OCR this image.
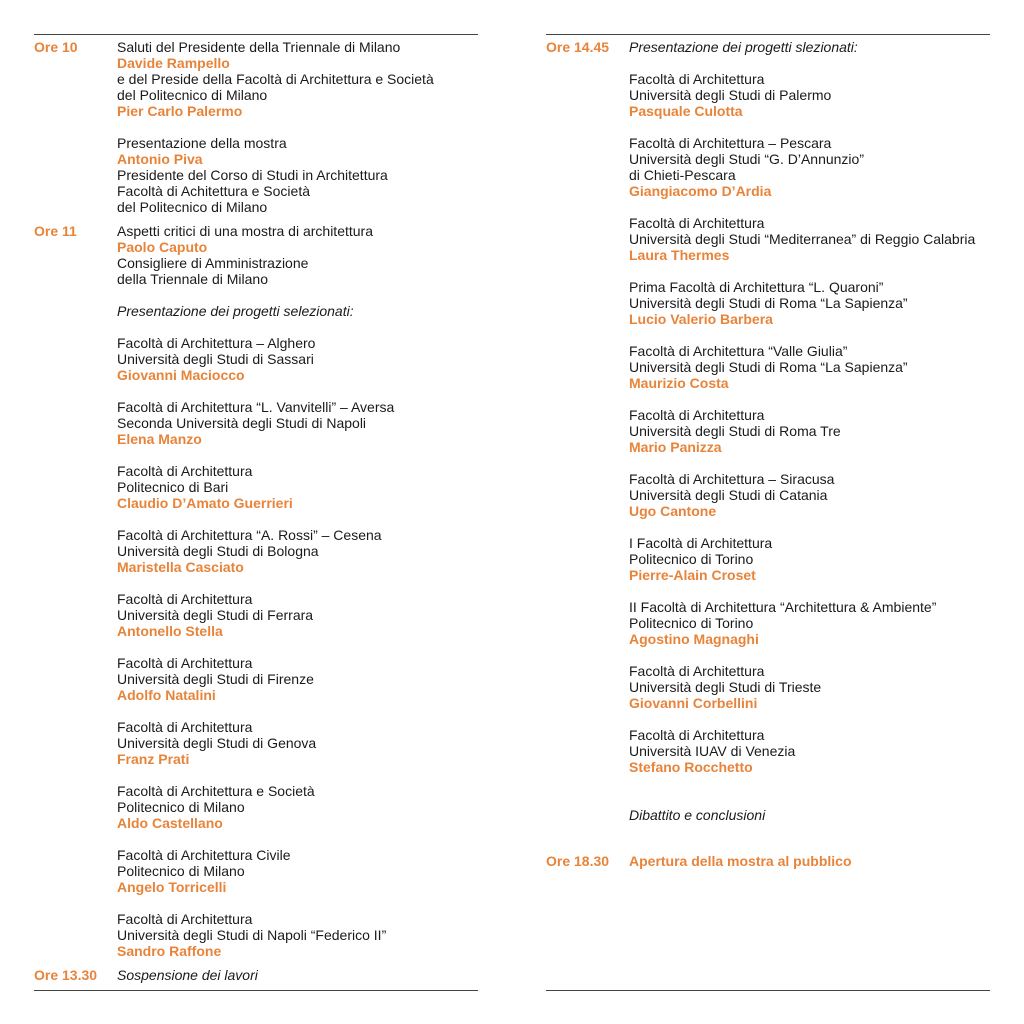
Ore 10	Saluti del Presidente della Triennale di Milano
Davide Rampello
e del Preside della Facoltà di Architettura e Società
del Politecnico di Milano
Pier Carlo Palermo
Presentazione della mostra
Antonio Piva
Presidente del Corso di Studi in Architettura
Facoltà di Achitettura e Società
del Politecnico di Milano
Ore 11	Aspetti critici di una mostra di architettura
Paolo Caputo
Consigliere di Amministrazione
della Triennale di Milano
Presentazione dei progetti selezionati:
Facoltà di Architettura – Alghero
Università degli Studi di Sassari
Giovanni Maciocco
Facoltà di Architettura “L. Vanvitelli” – Aversa
Seconda Università degli Studi di Napoli
Elena Manzo
Facoltà di Architettura
Politecnico di Bari
Claudio D’Amato Guerrieri
Facoltà di Architettura “A. Rossi” – Cesena
Università degli Studi di Bologna
Maristella Casciato
Facoltà di Architettura
Università degli Studi di Ferrara
Antonello Stella
Facoltà di Architettura
Università degli Studi di Firenze
Adolfo Natalini
Facoltà di Architettura
Università degli Studi di Genova
Franz Prati
Facoltà di Architettura e Società
Politecnico di Milano
Aldo Castellano
Facoltà di Architettura Civile
Politecnico di Milano
Angelo Torricelli
Facoltà di Architettura
Università degli Studi di Napoli “Federico II”
Sandro Raffone
Ore 13.30	Sospensione dei lavori
Ore 14.45	Presentazione dei progetti slezionati:
Facoltà di Architettura
Università degli Studi di Palermo
Pasquale Culotta
Facoltà di Architettura – Pescara
Università degli Studi “G. D’Annunzio”
di Chieti-Pescara
Giangiacomo D’Ardia
Facoltà di Architettura
Università degli Studi “Mediterranea” di Reggio Calabria
Laura Thermes
Prima Facoltà di Architettura “L. Quaroni”
Università degli Studi di Roma “La Sapienza”
Lucio Valerio Barbera
Facoltà di Architettura “Valle Giulia”
Università degli Studi di Roma “La Sapienza”
Maurizio Costa
Facoltà di Architettura
Università degli Studi di Roma Tre
Mario Panizza
Facoltà di Architettura – Siracusa
Università degli Studi di Catania
Ugo Cantone
I Facoltà di Architettura
Politecnico di Torino
Pierre-Alain Croset
II Facoltà di Architettura “Architettura & Ambiente”
Politecnico di Torino
Agostino Magnaghi
Facoltà di Architettura
Università degli Studi di Trieste
Giovanni Corbellini
Facoltà di Architettura
Università IUAV di Venezia
Stefano Rocchetto
Dibattito e conclusioni
Ore 18.30	Apertura della mostra al pubblico
